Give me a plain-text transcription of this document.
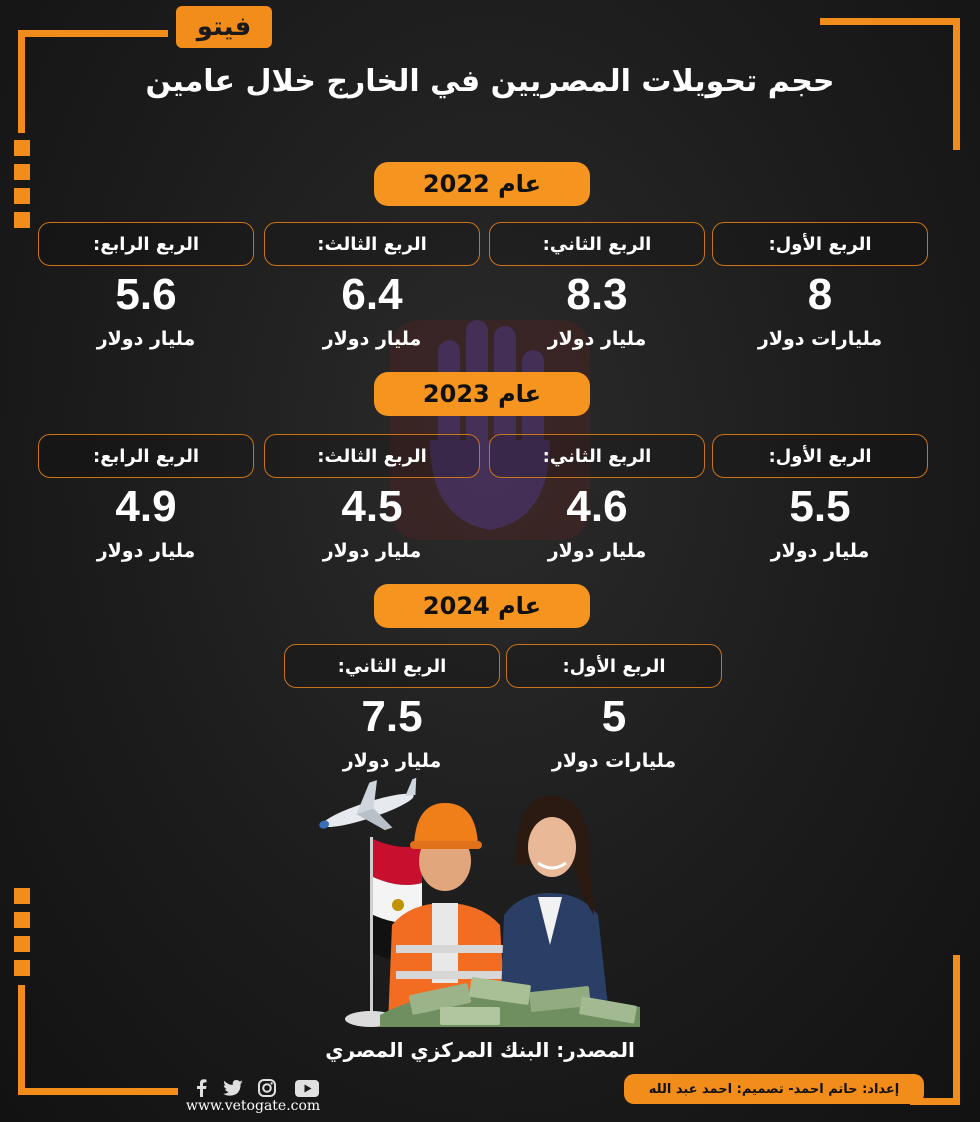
فيتو
حجم تحويلات المصريين في الخارج خلال عامين
عام 2022
الربع الأول:
الربع الثاني:
الربع الثالث:
الربع الرابع:
8
8.3
6.4
5.6
مليارات دولار
مليار دولار
مليار دولار
مليار دولار
عام 2023
الربع الأول:
الربع الثاني:
الربع الثالث:
الربع الرابع:
5.5
4.6
4.5
4.9
مليار دولار
مليار دولار
مليار دولار
مليار دولار
عام 2024
الربع الأول:
الربع الثاني:
5
7.5
مليارات دولار
مليار دولار
المصدر: البنك المركزي المصري
إعداد: حاتم احمد- تصميم: احمد عبد الله
www.vetogate.com
